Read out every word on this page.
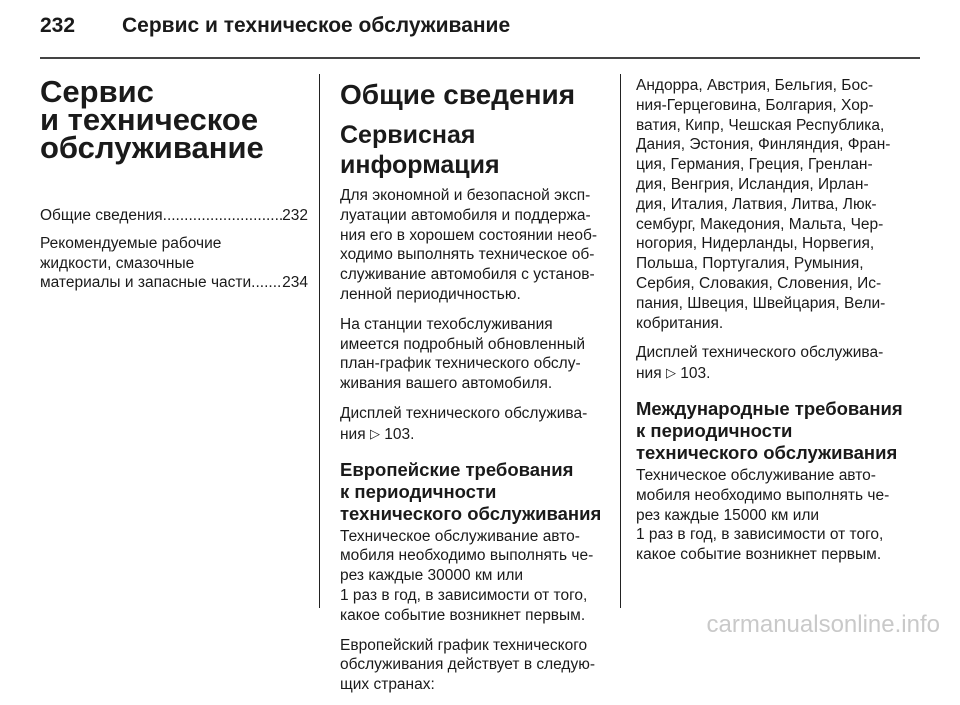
232 Сервис и техническое обслуживание
Сервис
и техническое
обслуживание
Общие сведения .....	232
Рекомендуемые рабочие
жидкости, смазочные
материалы и запасные части ..... 234
Общие сведения
Сервисная информация

Для экономной и безопасной эксп-
луатации автомобиля и поддержа-
ния его в хорошем состоянии необ-
ходимо выполнять техническое об-
служивание автомобиля с установ-
ленной периодичностью.

На станции техобслуживания
имеется подробный обновленный
план-график технического обслу-
живания вашего автомобиля.

Дисплей технического обслужива-
ния ▷ 103.

Европейские требования
к периодичности
технического обслуживания

Техническое обслуживание авто-
мобиля необходимо выполнять че-
рез каждые 30000 км или
1 раз в год, в зависимости от того,
какое событие возникнет первым.

Европейский график технического
обслуживания действует в следую-
щих странах:

Андорра, Австрия, Бельгия, Бос-
ния-Герцеговина, Болгария, Хор-
ватия, Кипр, Чешская Республика,
Дания, Эстония, Финляндия, Фран-
ция, Германия, Греция, Гренлан-
дия, Венгрия, Исландия, Ирлан-
дия, Италия, Латвия, Литва, Люк-
сембург, Македония, Мальта, Чер-
ногория, Нидерланды, Норвегия,
Польша, Португалия, Румыния,
Сербия, Словакия, Словения, Ис-
пания, Швеция, Швейцария, Вели-
кобритания.

Дисплей технического обслужива-
ния ▷ 103.

Международные требования
к периодичности
технического обслуживания

Техническое обслуживание авто-
мобиля необходимо выполнять че-
рез каждые 15000 км или
1 раз в год, в зависимости от того,
какое событие возникнет первым.

carmanualsonline.info
